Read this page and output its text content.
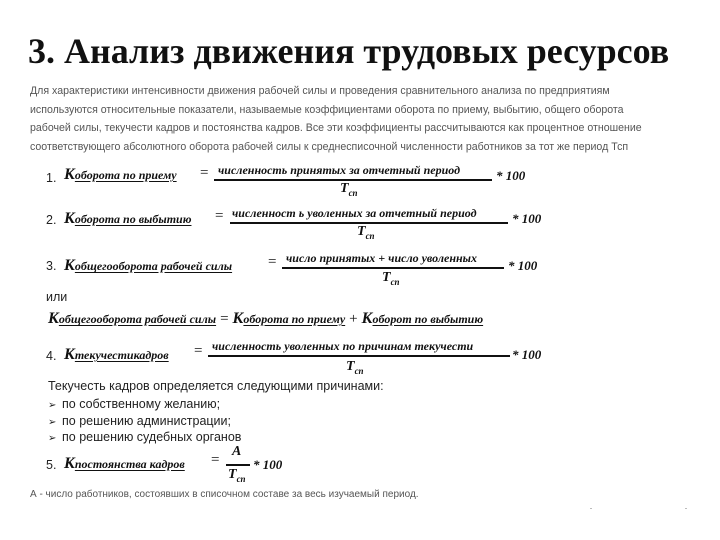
3. Анализ движения трудовых ресурсов
Для характеристики интенсивности движения рабочей силы и проведения сравнительного анализа по предприятиям
используются относительные показатели, называемые коэффициентами оборота по приему, выбытию, общего оборота
рабочей силы, текучести кадров и постоянства кадров. Все эти коэффициенты рассчитываются как процентное отношение
соответствующего абсолютного оборота рабочей силы к среднесписочной численности работников за тот же период Тсп
1. Коборота по приему = численность принятых за отчетный период
$Т_{сп}$
* 100
2. Коборота по выбытию = численност ь уволенных за отчетный период
$Т_{сп}$
* 100
3. Кобщегооборота рабочей силы = число принятых + число уволенных
$Т_{сп}$
* 100
или
Кобщегооборота рабочей силы = Коборота по приему + Коборот по выбытию
4. Ктекучестикадров = численность уволенных по причинам текучести
$Т_{сп}$
* 100
Текучесть кадров определяется следующими причинами:
➢ по собственному желанию;
➢ по решению администрации;
➢ по решению судебных органов
5. Кпостоянства кадров =
А
$Т_{сп}$
* 100
А - число работников, состоявших в списочном составе за весь изучаемый период.
